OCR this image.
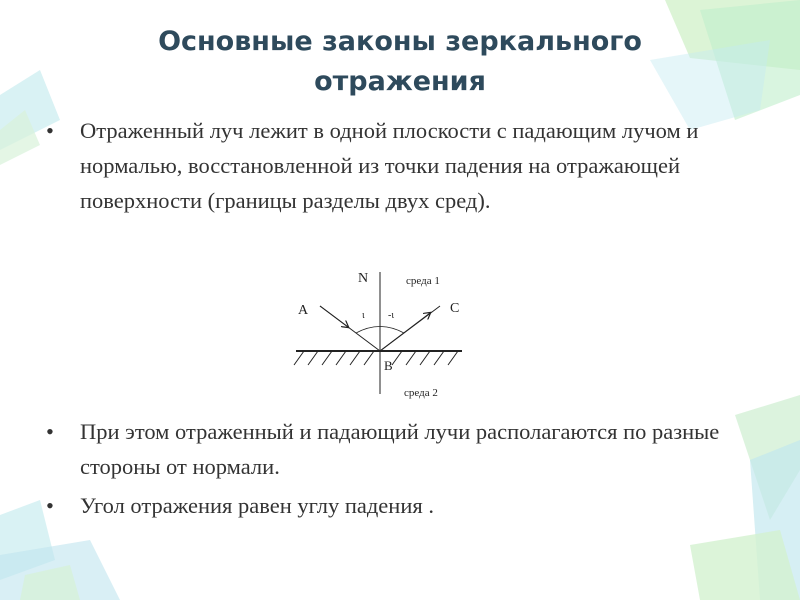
Основные законы зеркального
отражения
•	Отраженный луч лежит в одной плоскости с падающим лучом и нормалью, восстановленной из точки падения на отражающей поверхности (границы разделы двух сред).
N
A	C
B
среда 1
среда 2
ι -ι
•	При этом отраженный и падающий лучи располагаются по разные стороны от нормали.
•	Угол отражения равен углу падения .
